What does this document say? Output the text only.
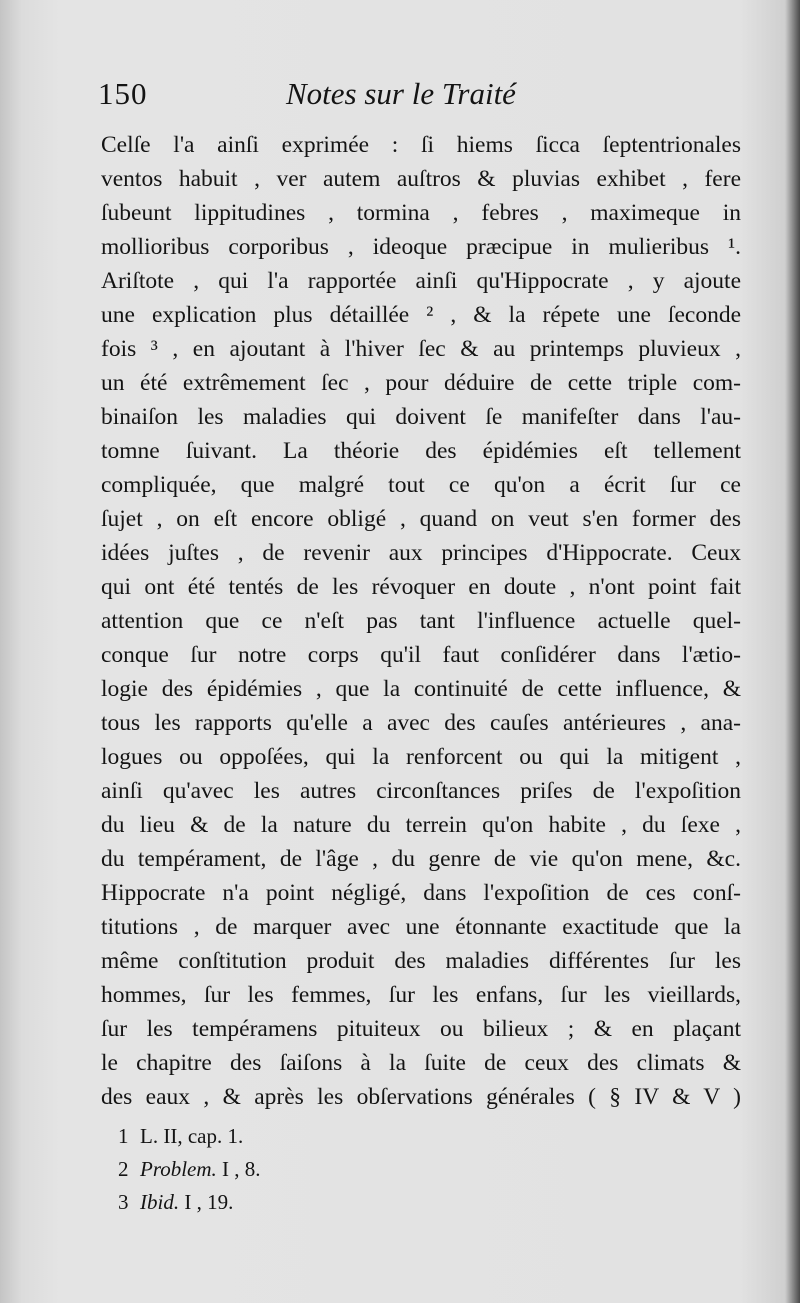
150	Notes sur le Traité
Celſe l'a ainſi exprimée : ſi hiems ſicca ſeptentrionales
ventos habuit , ver autem auſtros & pluvias exhibet , fere
ſubeunt lippitudines , tormina , febres , maximeque in
mollioribus corporibus , ideoque præcipue in mulieribus ¹.
Ariſtote , qui l'a rapportée ainſi qu'Hippocrate , y ajoute
une explication plus détaillée ² , & la répete une ſeconde
fois ³ , en ajoutant à l'hiver ſec & au printemps pluvieux ,
un été extrêmement ſec , pour déduire de cette triple com-
binaiſon les maladies qui doivent ſe manifeſter dans l'au-
tomne ſuivant. La théorie des épidémies eſt tellement
compliquée, que malgré tout ce qu'on a écrit ſur ce
ſujet , on eſt encore obligé , quand on veut s'en former des
idées juſtes , de revenir aux principes d'Hippocrate. Ceux
qui ont été tentés de les révoquer en doute , n'ont point fait
attention que ce n'eſt pas tant l'influence actuelle quel-
conque ſur notre corps qu'il faut conſidérer dans l'ætio-
logie des épidémies , que la continuité de cette influence, &
tous les rapports qu'elle a avec des cauſes antérieures , ana-
logues ou oppoſées, qui la renforcent ou qui la mitigent ,
ainſi qu'avec les autres circonſtances priſes de l'expoſition
du lieu & de la nature du terrein qu'on habite , du ſexe ,
du tempérament, de l'âge , du genre de vie qu'on mene, &c.
Hippocrate n'a point négligé, dans l'expoſition de ces conſ-
titutions , de marquer avec une étonnante exactitude que la
même conſtitution produit des maladies différentes ſur les
hommes, ſur les femmes, ſur les enfans, ſur les vieillards,
ſur les tempéramens pituiteux ou bilieux ; & en plaçant
le chapitre des ſaiſons à la ſuite de ceux des climats &
des eaux , & après les obſervations générales ( § IV & V )
1 L. II, cap. 1.
2 Problem. I , 8.
3 Ibid. I , 19.
